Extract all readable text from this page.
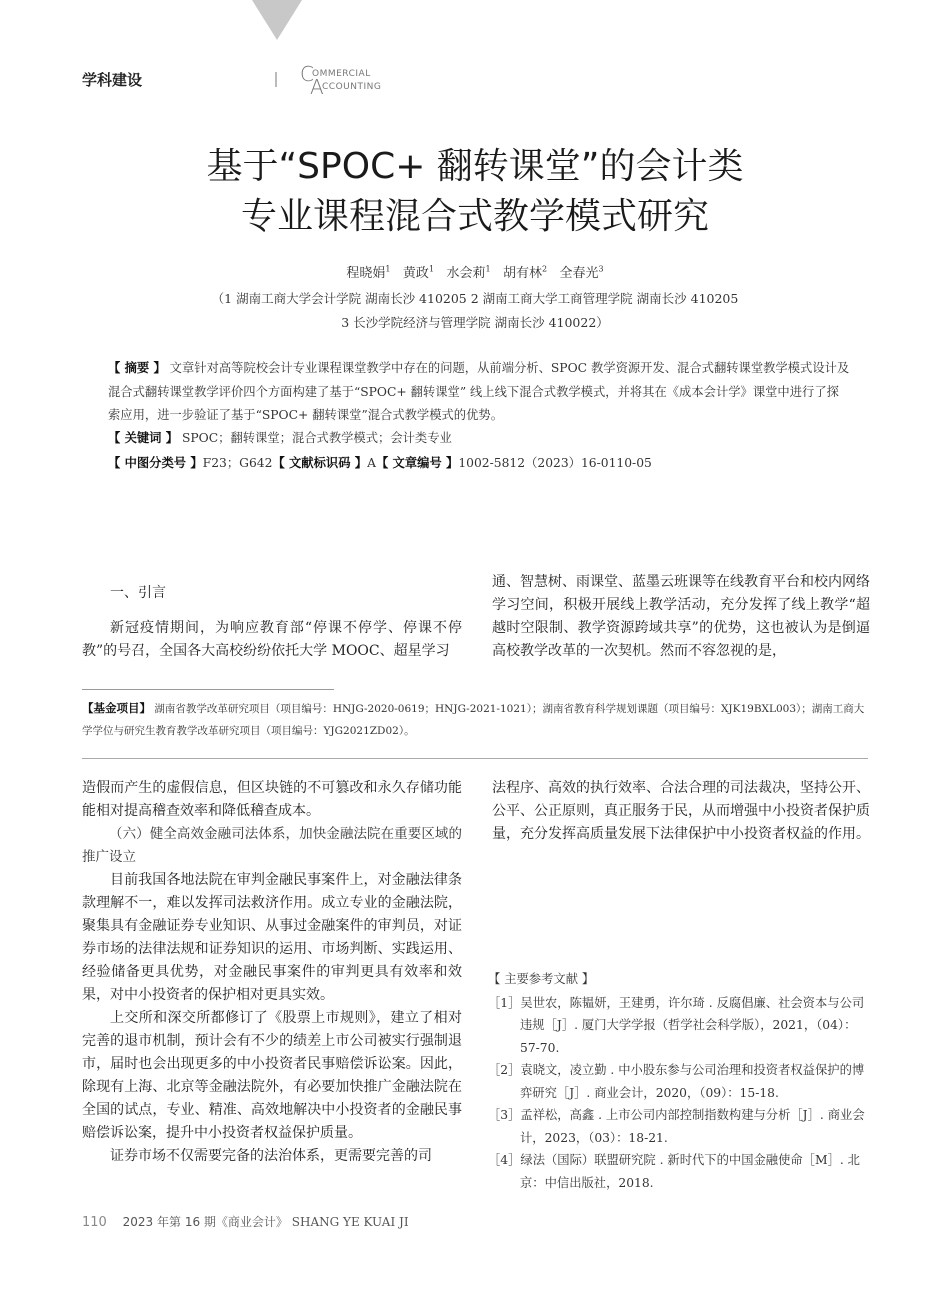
学科建设	C
OMMERCIAL
A
CCOUNTING
基于“SPOC+ 翻转课堂”的会计类
专业课程混合式教学模式研究
程晓娟$^1$ 黄政$^1$ 水会莉$^1$ 胡有林$^2$ 全春光$^3$
（1 湖南工商大学会计学院 湖南长沙 410205 2 湖南工商大学工商管理学院 湖南长沙 410205
3 长沙学院经济与管理学院 湖南长沙 410022）
【 摘要 】 文章针对高等院校会计专业课程课堂教学中存在的问题，从前端分析、SPOC 教学资源开发、混合式翻转课堂教学模式设计及混合式翻转课堂教学评价四个方面构建了基于“SPOC+ 翻转课堂” 线上线下混合式教学模式，并将其在《成本会计学》课堂中进行了探索应用，进一步验证了基于“SPOC+ 翻转课堂”混合式教学模式的优势。
【 关键词 】 SPOC；翻转课堂；混合式教学模式；会计类专业
【 中图分类号 】F23；G642【 文献标识码 】A【 文章编号 】1002-5812（2023）16-0110-05
一、引言
新冠疫情期间，为响应教育部“停课不停学、停课不停教”的号召，全国各大高校纷纷依托大学 MOOC、超星学习
通、智慧树、雨课堂、蓝墨云班课等在线教育平台和校内网络学习空间，积极开展线上教学活动，充分发挥了线上教学“超越时空限制、教学资源跨域共享”的优势，这也被认为是倒逼高校教学改革的一次契机。然而不容忽视的是，
【基金项目】 湖南省教学改革研究项目（项目编号：HNJG-2020-0619；HNJG-2021-1021）；湖南省教育科学规划课题（项目编号：XJK19BXL003）；湖南工商大学学位与研究生教育教学改革研究项目（项目编号：YJG2021ZD02）。
造假而产生的虚假信息，但区块链的不可篡改和永久存储功能能相对提高稽查效率和降低稽查成本。
（六）健全高效金融司法体系，加快金融法院在重要区域的推广设立
目前我国各地法院在审判金融民事案件上，对金融法律条款理解不一，难以发挥司法救济作用。成立专业的金融法院，聚集具有金融证券专业知识、从事过金融案件的审判员，对证券市场的法律法规和证券知识的运用、市场判断、实践运用、经验储备更具优势，对金融民事案件的审判更具有效率和效果，对中小投资者的保护相对更具实效。
上交所和深交所都修订了《股票上市规则》，建立了相对完善的退市机制，预计会有不少的绩差上市公司被实行强制退市，届时也会出现更多的中小投资者民事赔偿诉讼案。因此，除现有上海、北京等金融法院外，有必要加快推广金融法院在全国的试点，专业、精准、高效地解决中小投资者的金融民事赔偿诉讼案，提升中小投资者权益保护质量。
证券市场不仅需要完备的法治体系，更需要完善的司
法程序、高效的执行效率、合法合理的司法裁决，坚持公开、公平、公正原则，真正服务于民，从而增强中小投资者保护质量，充分发挥高质量发展下法律保护中小投资者权益的作用。
【 主要参考文献 】
［1］吴世农，陈韫妍，王建勇，许尔琦 . 反腐倡廉、社会资本与公司违规［J］. 厦门大学学报（哲学社会科学版），2021，（04）：57-70.
［2］袁晓文，凌立勤 . 中小股东参与公司治理和投资者权益保护的博弈研究［J］. 商业会计，2020，（09）：15-18.
［3］孟祥松，高鑫 . 上市公司内部控制指数构建与分析［J］. 商业会计，2023，（03）：18-21.
［4］绿法（国际）联盟研究院 . 新时代下的中国金融使命［M］. 北京：中信出版社，2018.
110 2023 年第 16 期《商业会计》 SHANG YE KUAI JI
